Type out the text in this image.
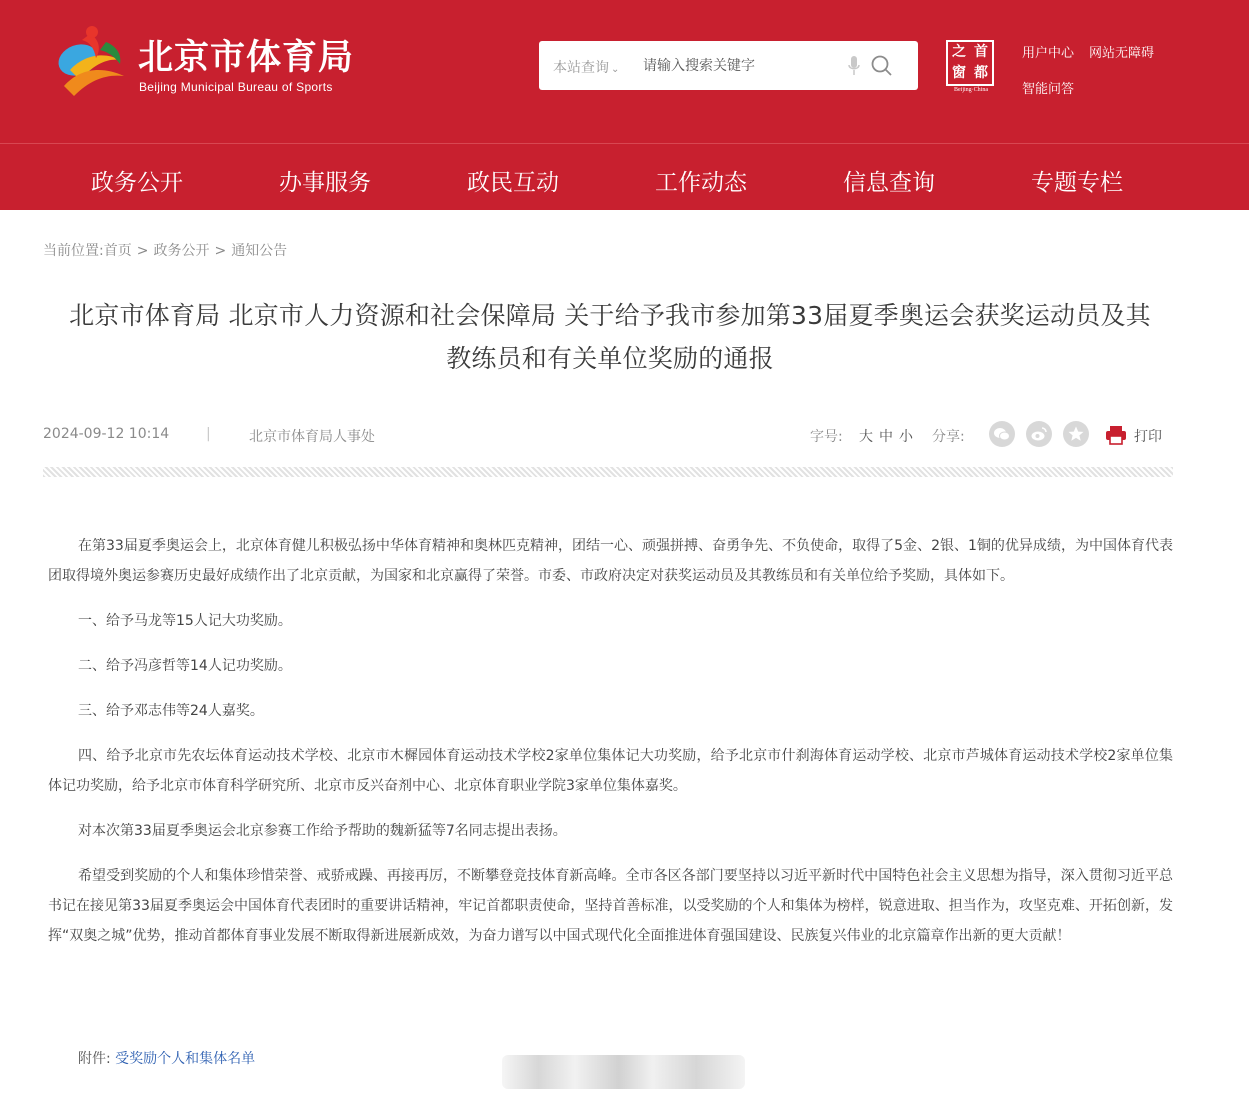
北京市体育局
Beijing Municipal Bureau of Sports
本站查询 ⌄
请输入搜索关键字
之 首
窗 都
Beijing·China
用户中心 网站无障碍
智能问答
政务公开	办事服务	政民互动	工作动态	信息查询	专题专栏
当前位置:首页 > 政务公开 > 通知公告
北京市体育局 北京市人力资源和社会保障局 关于给予我市参加第33届夏季奥运会获奖运动员及其
教练员和有关单位奖励的通报
2024-09-12 10:14	|	北京市体育局人事处	字号: 大 中 小 分享:	打印

在第33届夏季奥运会上，北京体育健儿积极弘扬中华体育精神和奥林匹克精神，团结一心、顽强拼搏、奋勇争先、不负使命，取得了5金、2银、1铜的优异成绩，为中国体育代表团取得境外奥运参赛历史最好成绩作出了北京贡献，为国家和北京赢得了荣誉。市委、市政府决定对获奖运动员及其教练员和有关单位给予奖励，具体如下。

一、给予马龙等15人记大功奖励。

二、给予冯彦哲等14人记功奖励。

三、给予邓志伟等24人嘉奖。

四、给予北京市先农坛体育运动技术学校、北京市木樨园体育运动技术学校2家单位集体记大功奖励，给予北京市什刹海体育运动学校、北京市芦城体育运动技术学校2家单位集体记功奖励，给予北京市体育科学研究所、北京市反兴奋剂中心、北京体育职业学院3家单位集体嘉奖。

对本次第33届夏季奥运会北京参赛工作给予帮助的魏新猛等7名同志提出表扬。

希望受到奖励的个人和集体珍惜荣誉、戒骄戒躁、再接再厉，不断攀登竞技体育新高峰。全市各区各部门要坚持以习近平新时代中国特色社会主义思想为指导，深入贯彻习近平总书记在接见第33届夏季奥运会中国体育代表团时的重要讲话精神，牢记首都职责使命，坚持首善标准，以受奖励的个人和集体为榜样，锐意进取、担当作为，攻坚克难、开拓创新，发挥“双奥之城”优势，推动首都体育事业发展不断取得新进展新成效，为奋力谱写以中国式现代化全面推进体育强国建设、民族复兴伟业的北京篇章作出新的更大贡献！

附件: 受奖励个人和集体名单
